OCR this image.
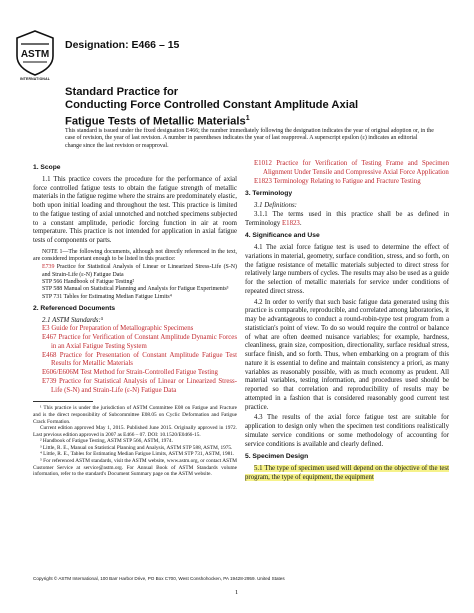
ASTM
INTERNATIONAL
Designation: E466 – 15
Standard Practice for
Conducting Force Controlled Constant Amplitude Axial
Fatigue Tests of Metallic Materials$^1$
This standard is issued under the fixed designation E466; the number immediately following the designation indicates the year of original adoption or, in the case of revision, the year of last revision. A number in parentheses indicates the year of last reapproval. A superscript epsilon (ε) indicates an editorial change since the last revision or reapproval.
1. Scope
1.1 This practice covers the procedure for the performance of axial force controlled fatigue tests to obtain the fatigue strength of metallic materials in the fatigue regime where the strains are predominately elastic, both upon initial loading and throughout the test. This practice is limited to the fatigue testing of axial unnotched and notched specimens subjected to a constant amplitude, periodic forcing function in air at room temperature. This practice is not intended for application in axial fatigue tests of components or parts.
NOTE 1—The following documents, although not directly referenced in the text, are considered important enough to be listed in this practice:
E739 Practice for Statistical Analysis of Linear or Linearized Stress-Life (S-N) and Strain-Life (ε-N) Fatigue Data
STP 566 Handbook of Fatigue Testing²
STP 588 Manual on Statistical Planning and Analysis for Fatigue Experiments³
STP 731 Tables for Estimating Median Fatigue Limits⁴
2. Referenced Documents
2.1 ASTM Standards:⁵
E3 Guide for Preparation of Metallographic Specimens
E467 Practice for Verification of Constant Amplitude Dynamic Forces in an Axial Fatigue Testing System
E468 Practice for Presentation of Constant Amplitude Fatigue Test Results for Metallic Materials
E606/E606M Test Method for Strain-Controlled Fatigue Testing
E739 Practice for Statistical Analysis of Linear or Linearized Stress-Life (S-N) and Strain-Life (ε-N) Fatigue Data
¹ This practice is under the jurisdiction of ASTM Committee E08 on Fatigue and Fracture and is the direct responsibility of Subcommittee E08.05 on Cyclic Deformation and Fatigue Crack Formation.
Current edition approved May 1, 2015. Published June 2015. Originally approved in 1972. Last previous edition approved in 2007 as E466 – 07. DOI: 10.1520/E0466-15.
² Handbook of Fatigue Testing, ASTM STP 566, ASTM, 1974.
³ Little, R. E., Manual on Statistical Planning and Analysis, ASTM STP 588, ASTM, 1975.
⁴ Little, R. E., Tables for Estimating Median Fatigue Limits, ASTM STP 731, ASTM, 1981.
⁵ For referenced ASTM standards, visit the ASTM website, www.astm.org, or contact ASTM Customer Service at service@astm.org. For Annual Book of ASTM Standards volume information, refer to the standard's Document Summary page on the ASTM website.
E1012 Practice for Verification of Testing Frame and Specimen Alignment Under Tensile and Compressive Axial Force Application
E1823 Terminology Relating to Fatigue and Fracture Testing
3. Terminology
3.1 Definitions:
3.1.1 The terms used in this practice shall be as defined in Terminology E1823.
4. Significance and Use
4.1 The axial force fatigue test is used to determine the effect of variations in material, geometry, surface condition, stress, and so forth, on the fatigue resistance of metallic materials subjected to direct stress for relatively large numbers of cycles. The results may also be used as a guide for the selection of metallic materials for service under conditions of repeated direct stress.
4.2 In order to verify that such basic fatigue data generated using this practice is comparable, reproducible, and correlated among laboratories, it may be advantageous to conduct a round-robin-type test program from a statistician's point of view. To do so would require the control or balance of what are often deemed nuisance variables; for example, hardness, cleanliness, grain size, composition, directionality, surface residual stress, surface finish, and so forth. Thus, when embarking on a program of this nature it is essential to define and maintain consistency a priori, as many variables as reasonably possible, with as much economy as prudent. All material variables, testing information, and procedures used should be reported so that correlation and reproducibility of results may be attempted in a fashion that is considered reasonably good current test practice.
4.3 The results of the axial force fatigue test are suitable for application to design only when the specimen test conditions realistically simulate service conditions or some methodology of accounting for service conditions is available and clearly defined.
5. Specimen Design
5.1 The type of specimen used will depend on the objective of the test program, the type of equipment, the equipment
Copyright © ASTM International, 100 Barr Harbor Drive, PO Box C700, West Conshohocken, PA 19428-2959. United States
1
